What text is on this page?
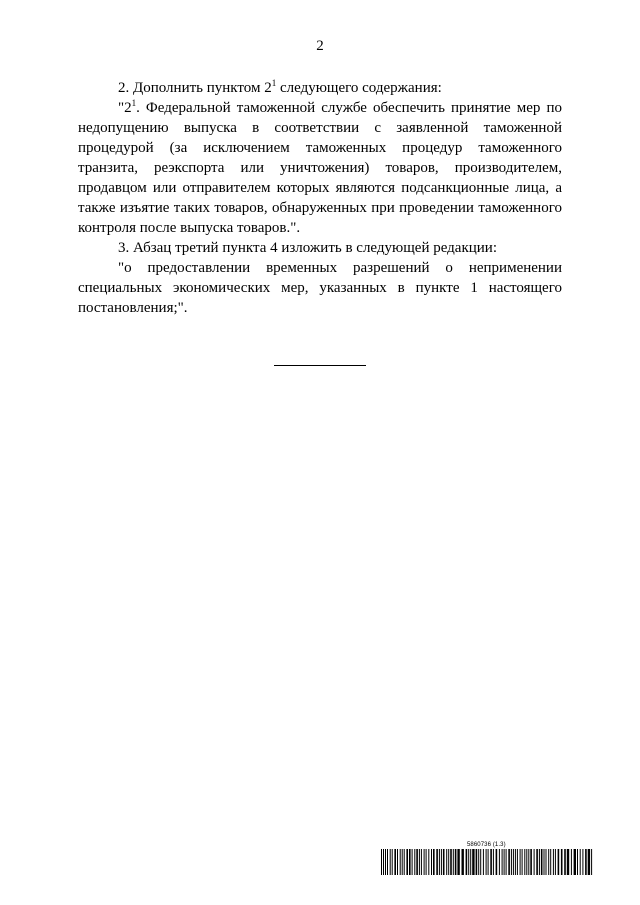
2

2. Дополнить пунктом $2^1$ следующего содержания:

"$2^1$. Федеральной таможенной службе обеспечить принятие мер по недопущению выпуска в соответствии с заявленной таможенной процедурой (за исключением таможенных процедур таможенного транзита, реэкспорта или уничтожения) товаров, производителем, продавцом или отправителем которых являются подсанкционные лица, а также изъятие таких товаров, обнаруженных при проведении таможенного контроля после выпуска товаров.".

3. Абзац третий пункта 4 изложить в следующей редакции:

"о предоставлении временных разрешений о неприменении специальных экономических мер, указанных в пункте 1 настоящего постановления;".

5860736 (1.3)
